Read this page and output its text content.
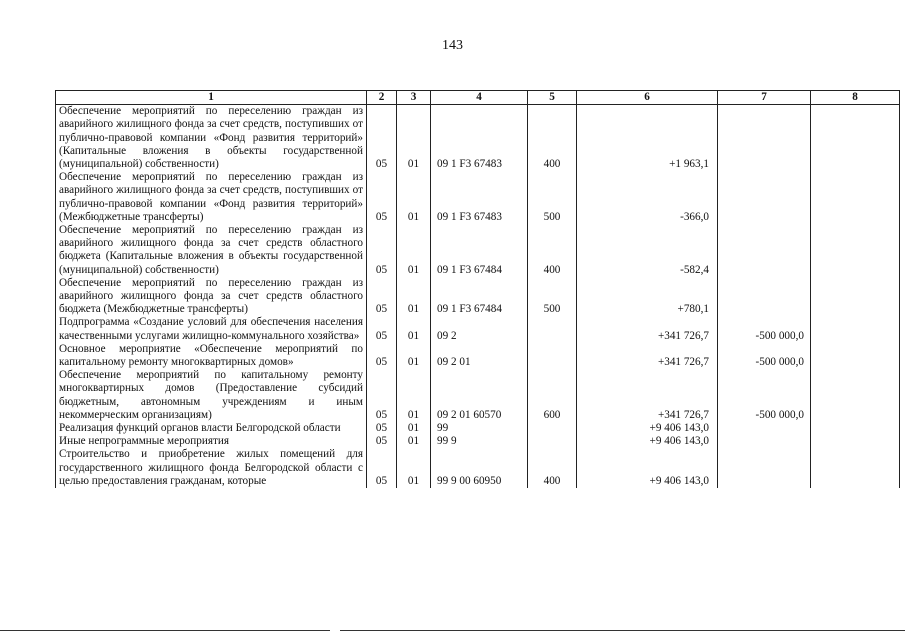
143
1	2	3	4	5	6	7	8
Обеспечение мероприятий по переселению граждан из аварийного жилищного фонда за счет средств, поступивших от публично-правовой компании «Фонд развития территорий» (Капитальные вложения в объекты государственной (муниципальной) собственности)	05	01	09 1 F3 67483	400	+1 963,1		
Обеспечение мероприятий по переселению граждан из аварийного жилищного фонда за счет средств, поступивших от публично-правовой компании «Фонд развития территорий» (Межбюджетные трансферты)	05	01	09 1 F3 67483	500	-366,0		
Обеспечение мероприятий по переселению граждан из аварийного жилищного фонда за счет средств областного бюджета (Капитальные вложения в объекты государственной (муниципальной) собственности)	05	01	09 1 F3 67484	400	-582,4		
Обеспечение мероприятий по переселению граждан из аварийного жилищного фонда за счет средств областного бюджета (Межбюджетные трансферты)	05	01	09 1 F3 67484	500	+780,1		
Подпрограмма «Создание условий для обеспечения населения качественными услугами жилищно-коммунального хозяйства»	05	01	09 2		+341 726,7	-500 000,0	
Основное мероприятие «Обеспечение мероприятий по капитальному ремонту многоквартирных домов»	05	01	09 2 01		+341 726,7	-500 000,0	
Обеспечение мероприятий по капитальному ремонту многоквартирных домов (Предоставление субсидий бюджетным, автономным учреждениям и иным некоммерческим организациям)	05	01	09 2 01 60570	600	+341 726,7	-500 000,0	
Реализация функций органов власти Белгородской области	05	01	99		+9 406 143,0		
Иные непрограммные мероприятия	05	01	99 9		+9 406 143,0		
Строительство и приобретение жилых помещений для государственного жилищного фонда Белгородской области с целью предоставления гражданам, которые	05	01	99 9 00 60950	400	+9 406 143,0		
